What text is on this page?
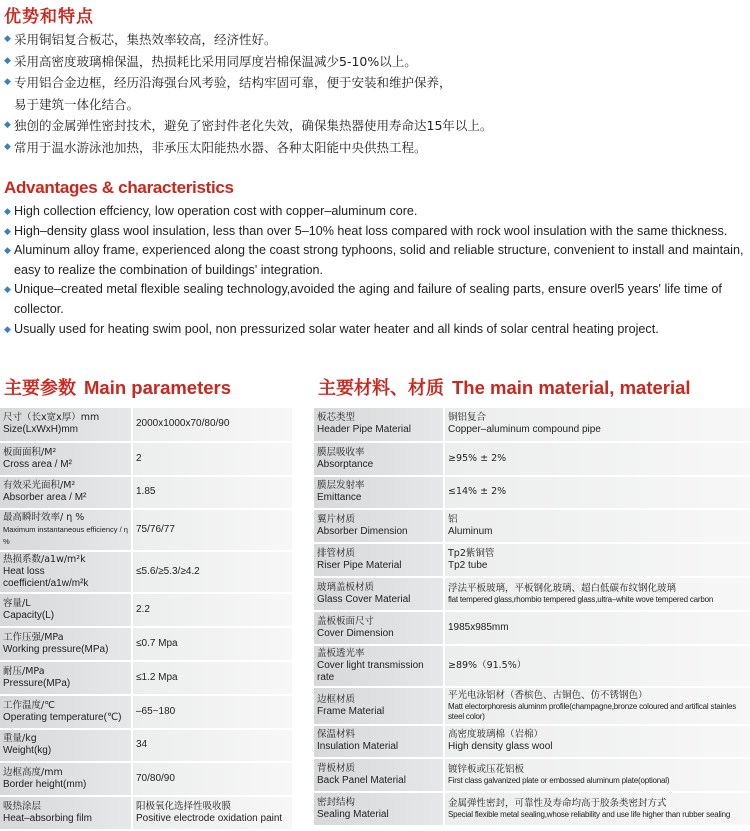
优势和特点
◆ 采用铜铝复合板芯，集热效率较高，经济性好。
◆ 采用高密度玻璃棉保温，热损耗比采用同厚度岩棉保温减少5-10%以上。
◆ 专用铝合金边框，经历沿海强台风考验，结构牢固可靠，便于安装和维护保养，
易于建筑一体化结合。
◆ 独创的金属弹性密封技术，避免了密封件老化失效，确保集热器使用寿命达15年以上。
◆ 常用于温水游泳池加热，非承压太阳能热水器、各种太阳能中央供热工程。
Advantages & characteristics
◆ High collection effciency, low operation cost with copper–aluminum core.
◆ High–density glass wool insulation, less than over 5–10% heat loss compared with rock wool insulation with the same thickness.
◆ Aluminum alloy frame, experienced along the coast strong typhoons, solid and reliable structure, convenient to install and maintain, easy to realize the combination of buildings' integration.
◆ Unique–created metal flexible sealing technology,avoided the aging and failure of sealing parts, ensure overl5 years' life time of collector.
◆ Usually used for heating swim pool, non pressurized solar water heater and all kinds of solar central heating project.
主要参数 Main parameters	主要材料、材质 The main material, material
尺寸（长x宽x厚）mm
Size(LxWxH)mm	2000x1000x70/80/90

板面面积/M²
Cross area / M²	2

有效采光面积/M²
Absorber area / M²	1.85

最高瞬时效率/ η %
Maximum instantaneous efficiency / η %	75/76/77

热损系数/a1w/m²k
Heat loss coefficient/a1w/m²k	≤5.6/≥5.3/≥4.2

容量/L
Capacity(L)	2.2

工作压强/MPa
Working pressure(MPa)	≤0.7 Mpa

耐压/MPa
Pressure(MPa)	≤1.2 Mpa

工作温度/℃
Operating temperature(℃)	–65~180

重量/kg
Weight(kg)	34

边框高度/mm
Border height(mm)	70/80/90

吸热涂层
Heat–absorbing film	阳极氧化选择性吸收膜
Positive electrode oxidation paint
板芯类型
Header Pipe Material	铜铝复合
Copper–aluminum compound pipe

膜层吸收率
Absorptance	≥95% ± 2%

膜层发射率
Emittance	≤14% ± 2%

翼片材质
Absorber Dimension	铝
Aluminum

排管材质
Riser Pipe Material	Tp2紫铜管
Tp2 tube

玻璃盖板材质
Glass Cover Material	浮法平板玻璃，平板钢化玻璃、超白低碳布纹钢化玻璃
flat tempered glass,rhombio tempered glass,ultra–white wove tempered carbon

盖板板面尺寸
Cover Dimension	1985x985mm

盖板透光率
Cover light transmission rate	≥89%（91.5%）

边框材质
Frame Material	平光电泳铝材（香槟色、古铜色、仿不锈钢色）
Matt electorphoresis aluminm profile(champagne,bronze coloured and artifical stainles steel color)

保温材料
Insulation Material	高密度玻璃棉（岩棉）
High density glass wool

背板材质
Back Panel Material	镀锌板或压花铝板
First class galvanized plate or embossed aluminum plate(optional)

密封结构
Sealing Material	金属弹性密封，可靠性及寿命均高于胶条类密封方式
Special flexible metal sealing,whose reliability and use life higher than rubber sealing
